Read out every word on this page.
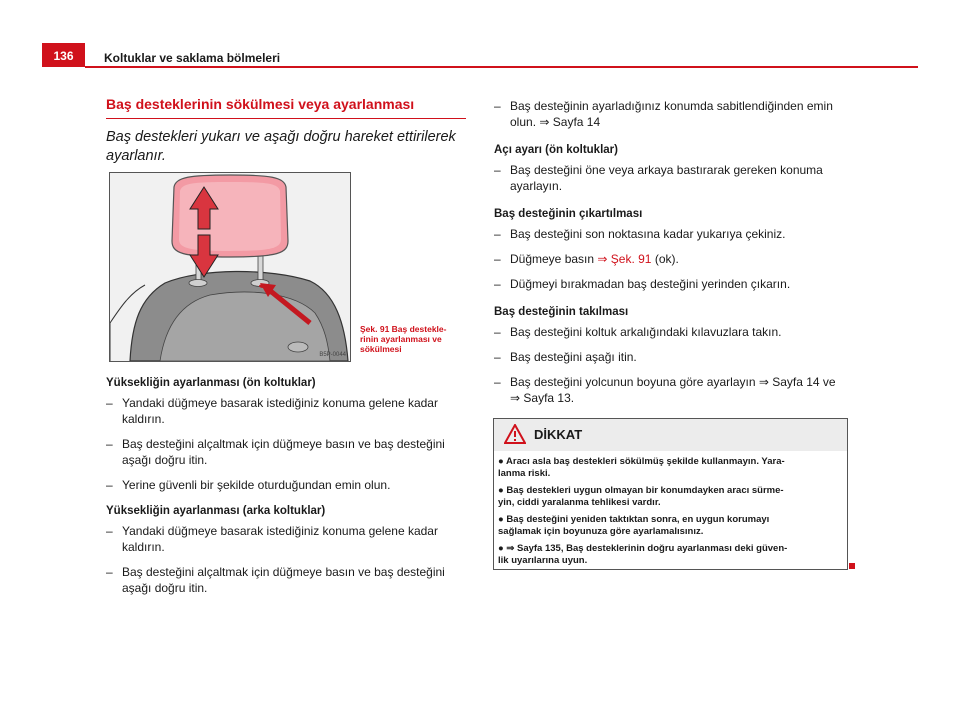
136	Koltuklar ve saklama bölmeleri
Baş desteklerinin sökülmesi veya ayarlanması
Baş destekleri yukarı ve aşağı doğru hareket ettirilerek ayarlanır.
B5P-0044
Şek. 91 Baş destekle-
rinin ayarlanması ve
sökülmesi
Yüksekliğin ayarlanması (ön koltuklar)
– Yandaki düğmeye basarak istediğiniz konuma gelene kadar kaldırın.
– Baş desteğini alçaltmak için düğmeye basın ve baş desteğini aşağı doğru itin.
– Yerine güvenli bir şekilde oturduğundan emin olun.
Yüksekliğin ayarlanması (arka koltuklar)
– Yandaki düğmeye basarak istediğiniz konuma gelene kadar kaldırın.
– Baş desteğini alçaltmak için düğmeye basın ve baş desteğini aşağı doğru itin.
– Baş desteğinin ayarladığınız konumda sabitlendiğinden emin olun. ⇒ Sayfa 14
Açı ayarı (ön koltuklar)
– Baş desteğini öne veya arkaya bastırarak gereken konuma ayarlayın.
Baş desteğinin çıkartılması
– Baş desteğini son noktasına kadar yukarıya çekiniz.
– Düğmeye basın ⇒ Şek. 91 (ok).
– Düğmeyi bırakmadan baş desteğini yerinden çıkarın.
Baş desteğinin takılması
– Baş desteğini koltuk arkalığındaki kılavuzlara takın.
– Baş desteğini aşağı itin.
– Baş desteğini yolcunun boyuna göre ayarlayın ⇒ Sayfa 14 ve
⇒ Sayfa 13.
DİKKAT
● Aracı asla baş destekleri sökülmüş şekilde kullanmayın. Yara-
lanma riski.
● Baş destekleri uygun olmayan bir konumdayken aracı sürme-
yin, ciddi yaralanma tehlikesi vardır.
● Baş desteğini yeniden taktıktan sonra, en uygun korumayı
sağlamak için boyunuza göre ayarlamalısınız.
● ⇒ Sayfa 135, Baş desteklerinin doğru ayarlanması deki güven-
lik uyarılarına uyun.
